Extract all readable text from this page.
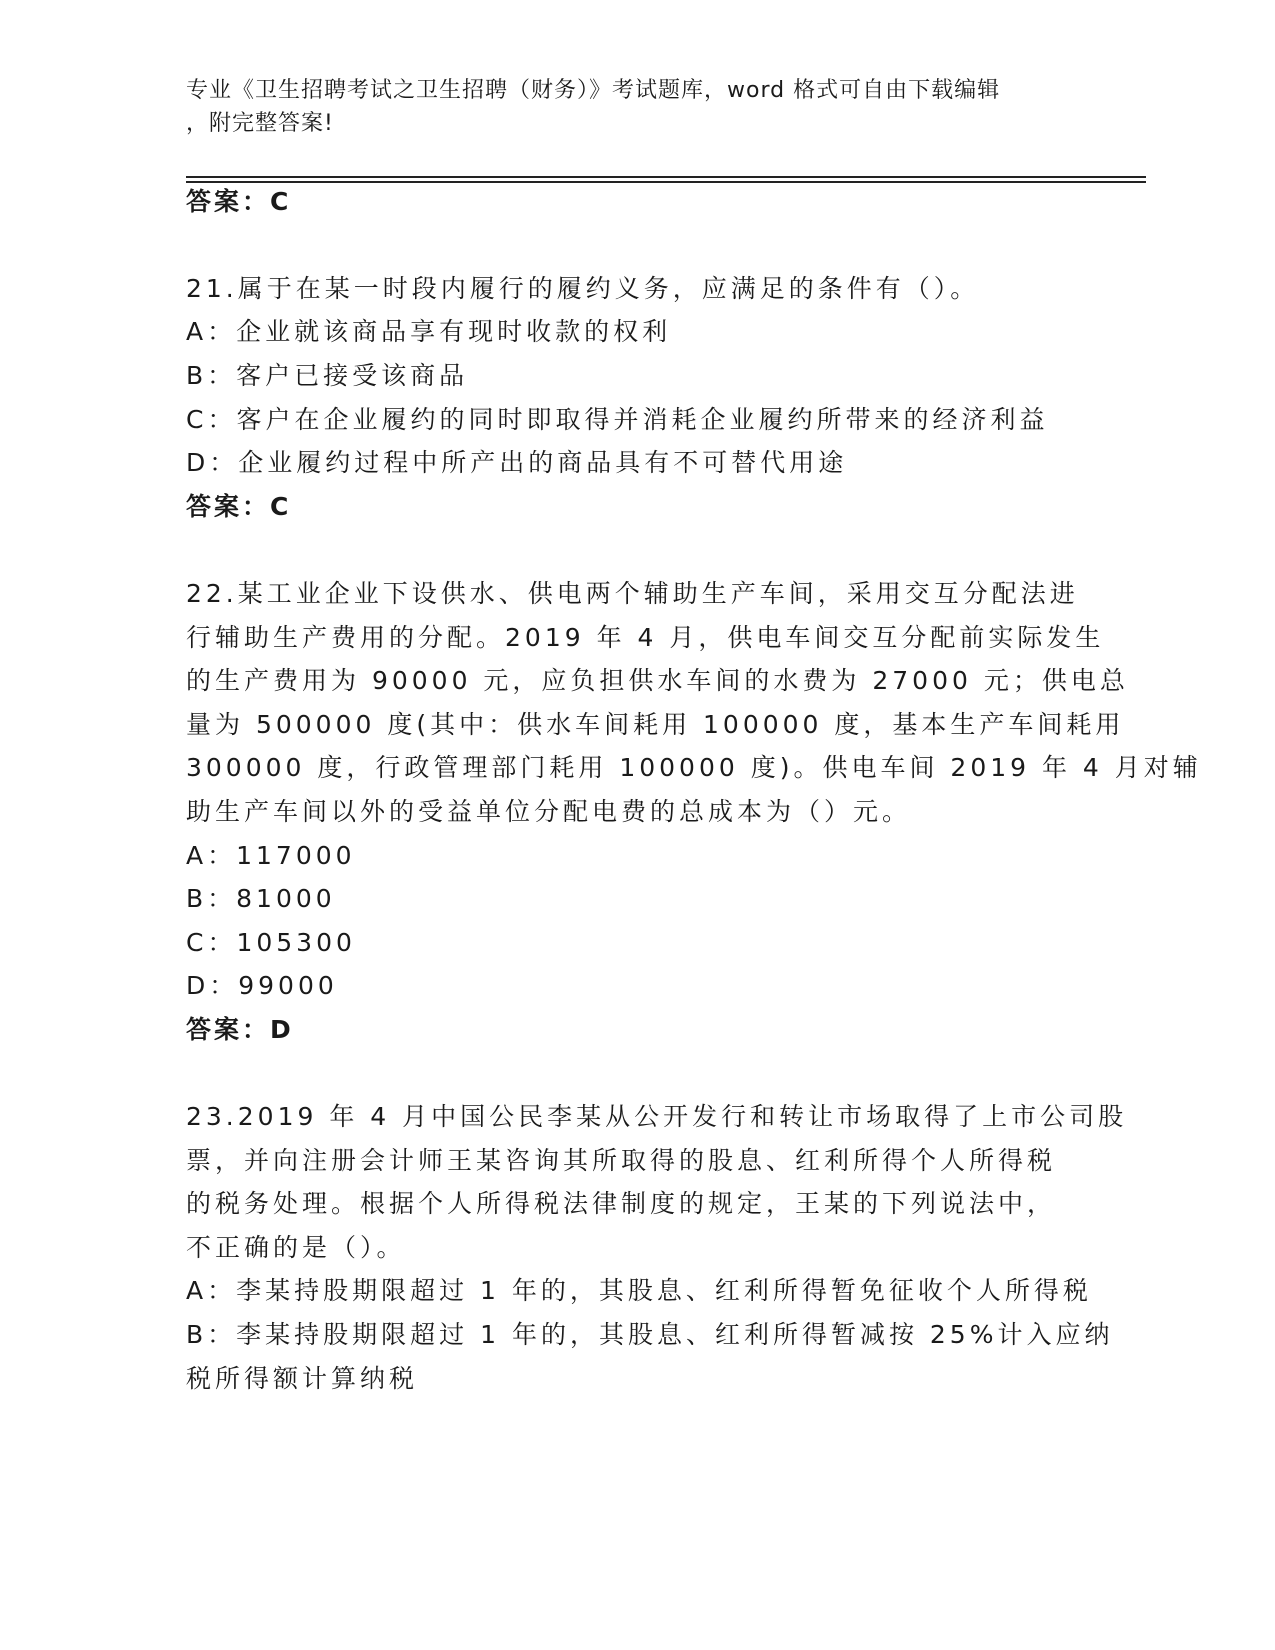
专业《卫生招聘考试之卫生招聘（财务）》考试题库，word 格式可自由下载编辑
，附完整答案!
答案：C
21.属于在某一时段内履行的履约义务，应满足的条件有（）。
A：企业就该商品享有现时收款的权利
B：客户已接受该商品
C：客户在企业履约的同时即取得并消耗企业履约所带来的经济利益
D：企业履约过程中所产出的商品具有不可替代用途
答案：C
22.某工业企业下设供水、供电两个辅助生产车间，采用交互分配法进
行辅助生产费用的分配。2019 年 4 月，供电车间交互分配前实际发生
的生产费用为 90000 元，应负担供水车间的水费为 27000 元；供电总
量为 500000 度(其中：供水车间耗用 100000 度，基本生产车间耗用
300000 度，行政管理部门耗用 100000 度)。供电车间 2019 年 4 月对辅
助生产车间以外的受益单位分配电费的总成本为（）元。
A：117000
B：81000
C：105300
D：99000
答案：D
23.2019 年 4 月中国公民李某从公开发行和转让市场取得了上市公司股
票，并向注册会计师王某咨询其所取得的股息、红利所得个人所得税
的税务处理。根据个人所得税法律制度的规定，王某的下列说法中，
不正确的是（）。
A：李某持股期限超过 1 年的，其股息、红利所得暂免征收个人所得税
B：李某持股期限超过 1 年的，其股息、红利所得暂减按 25%计入应纳
税所得额计算纳税
